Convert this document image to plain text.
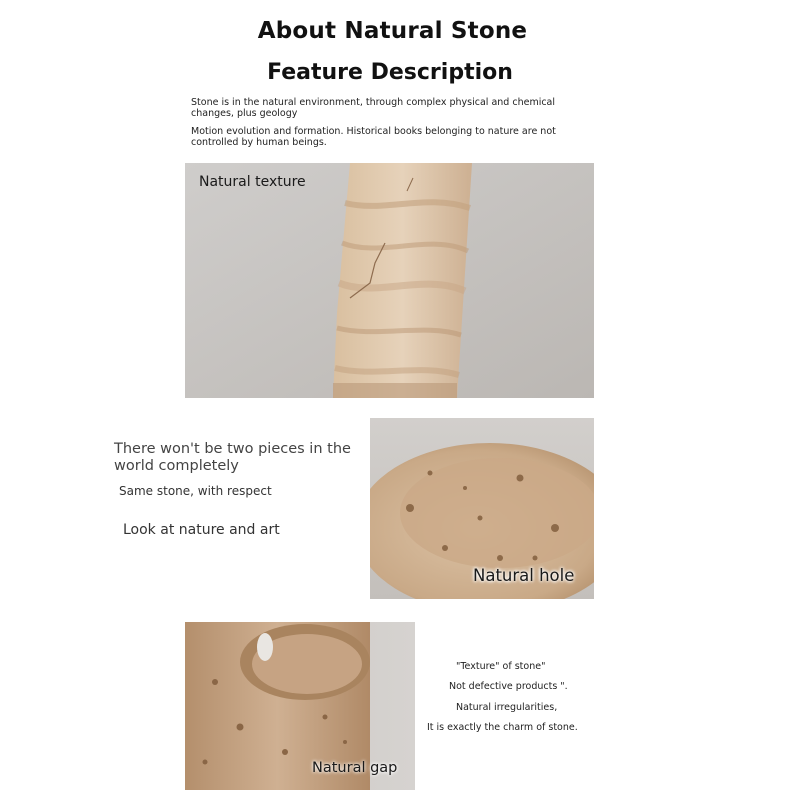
About Natural Stone
Feature Description
Stone is in the natural environment, through complex physical and chemical changes, plus geology
Motion evolution and formation. Historical books belonging to nature are not controlled by human beings.
Natural texture
There won't be two pieces in the world completely
Same stone, with respect
Look at nature and art
Natural hole
Natural gap
"Texture" of stone"
Not defective products ".
Natural irregularities,
It is exactly the charm of stone.
